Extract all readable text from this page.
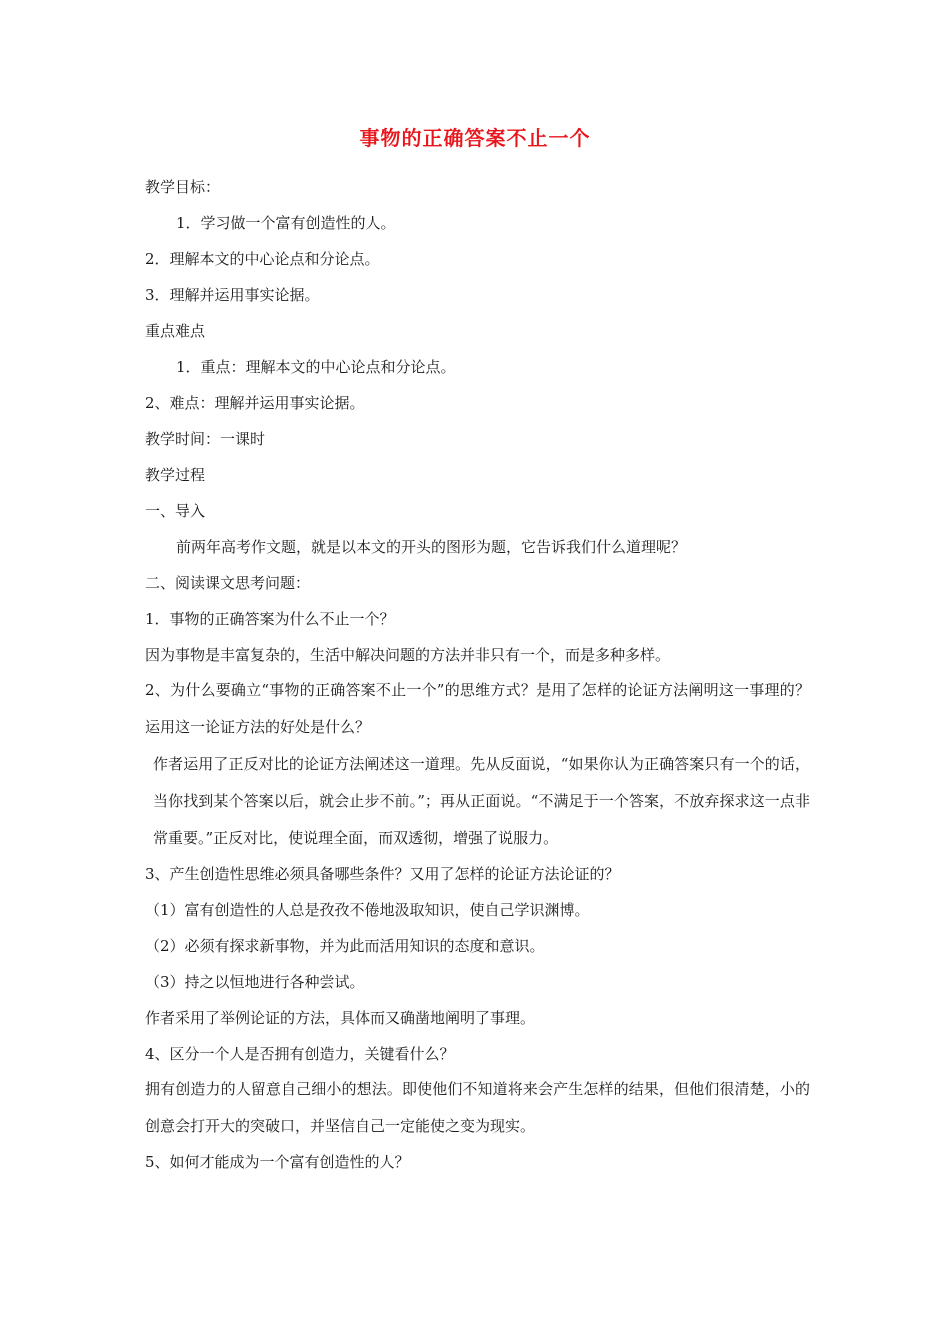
事物的正确答案不止一个

教学目标：

1．学习做一个富有创造性的人。

2．理解本文的中心论点和分论点。

3．理解并运用事实论据。

重点难点

1．重点：理解本文的中心论点和分论点。

2、难点：理解并运用事实论据。

教学时间：一课时

教学过程

一、导入

前两年高考作文题，就是以本文的开头的图形为题，它告诉我们什么道理呢？

二、阅读课文思考问题：

1．事物的正确答案为什么不止一个？

因为事物是丰富复杂的，生活中解决问题的方法并非只有一个，而是多种多样。

2、为什么要确立“事物的正确答案不止一个”的思维方式？是用了怎样的论证方法阐明这一事理的？运用这一论证方法的好处是什么？

作者运用了正反对比的论证方法阐述这一道理。先从反面说，“如果你认为正确答案只有一个的话，当你找到某个答案以后，就会止步不前。”；再从正面说。“不满足于一个答案，不放弃探求这一点非常重要。”正反对比，使说理全面，而双透彻，增强了说服力。

3、产生创造性思维必须具备哪些条件？又用了怎样的论证方法论证的？

（1）富有创造性的人总是孜孜不倦地汲取知识，使自己学识渊博。

（2）必须有探求新事物，并为此而活用知识的态度和意识。

（3）持之以恒地进行各种尝试。

作者采用了举例论证的方法，具体而又确凿地阐明了事理。

4、区分一个人是否拥有创造力，关键看什么？

拥有创造力的人留意自己细小的想法。即使他们不知道将来会产生怎样的结果，但他们很清楚，小的创意会打开大的突破口，并坚信自己一定能使之变为现实。

5、如何才能成为一个富有创造性的人？
